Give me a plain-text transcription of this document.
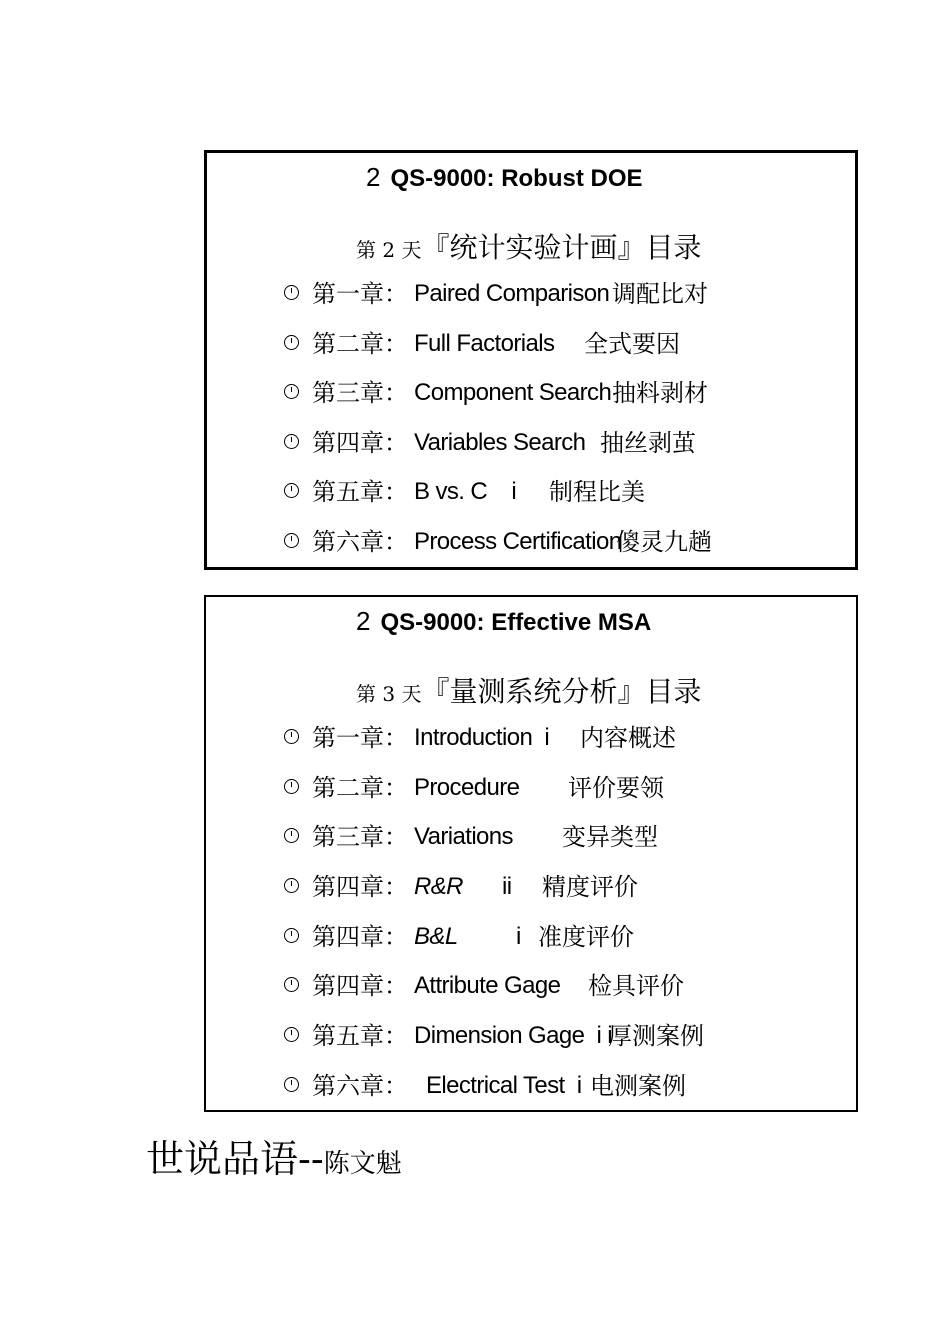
2 QS-9000: Robust DOE
第 2 天『统计实验计画』目录
第一章： Paired Comparison 调配比对
第二章： Full Factorials 全式要因
第三章： Component Search 抽料剥材
第四章： Variables Search 抽丝剥茧
第五章： B vs. C    i 制程比美
第六章： Process Certification
傻灵九趟
2 QS-9000: Effective MSA
第 3 天『量测系统分析』目录
第一章： Introduction  i 内容概述
第二章： Procedure 评价要领
第三章： Variations 变异类型
第四章： R&R ii 精度评价
第四章： B&L i 准度评价
第四章： Attribute Gage 检具评价
第五章： Dimension Gage  i i
厚测案例
第六章： Electrical Test  i 电测案例
世说品语--陈文魁
